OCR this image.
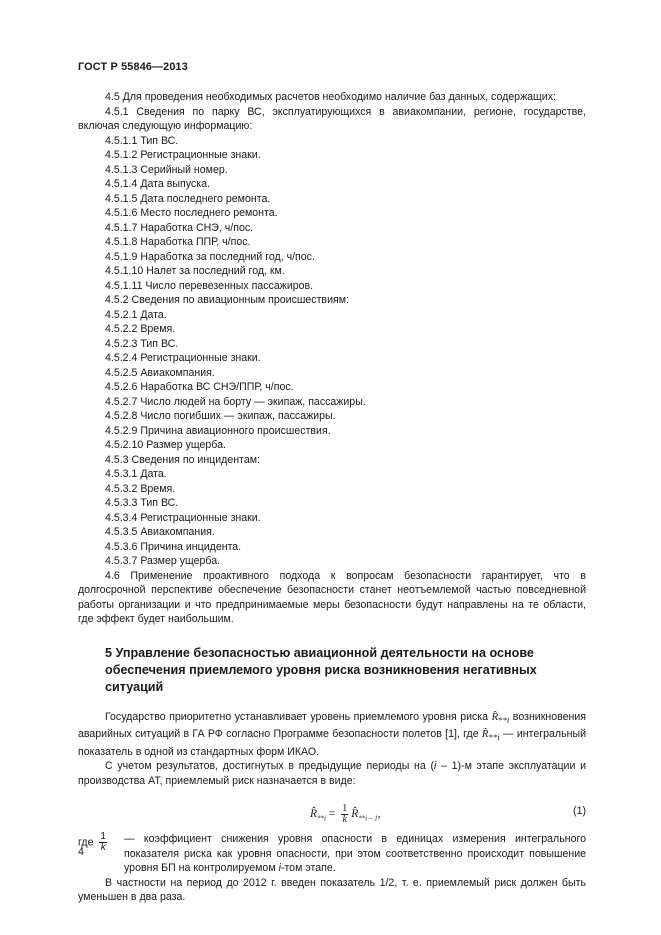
ГОСТ Р 55846—2013

4.5 Для проведения необходимых расчетов необходимо наличие баз данных, содержащих:

4.5.1 Сведения по парку ВС, эксплуатирующихся в авиакомпании, регионе, государстве, включая следующую информацию:

4.5.1.1 Тип ВС.

4.5.1.2 Регистрационные знаки.

4.5.1.3 Серийный номер.

4.5.1.4 Дата выпуска.

4.5.1.5 Дата последнего ремонта.

4.5.1.6 Место последнего ремонта.

4.5.1.7 Наработка СНЭ, ч/пос.

4.5.1.8 Наработка ППР, ч/пос.

4.5.1.9 Наработка за последний год, ч/пос.

4.5.1.10 Налет за последний год, км.

4.5.1.11 Число перевезенных пассажиров.

4.5.2 Сведения по авиационным происшествиям:

4.5.2.1 Дата.

4.5.2.2 Время.

4.5.2.3 Тип ВС.

4.5.2.4 Регистрационные знаки.

4.5.2.5 Авиакомпания.

4.5.2.6 Наработка ВС СНЭ/ППР, ч/пос.

4.5.2.7 Число людей на борту — экипаж, пассажиры.

4.5.2.8 Число погибших — экипаж, пассажиры.

4.5.2.9 Причина авиационного происшествия.

4.5.2.10 Размер ущерба.

4.5.3 Сведения по инцидентам:

4.5.3.1 Дата.

4.5.3.2 Время.

4.5.3.3 Тип ВС.

4.5.3.4 Регистрационные знаки.

4.5.3.5 Авиакомпания.

4.5.3.6 Причина инцидента.

4.5.3.7 Размер ущерба.

4.6 Применение проактивного подхода к вопросам безопасности гарантирует, что в долгосрочной перспективе обеспечение безопасности станет неотъемлемой частью повседневной работы организации и что предпринимаемые меры безопасности будут направлены на те области, где эффект будет наибольшим.

5 Управление безопасностью авиационной деятельности на основе обеспечения приемлемого уровня риска возникновения негативных ситуаций

Государство приоритетно устанавливает уровень приемлемого уровня риска $R̂_{**i}$ возникновения аварийных ситуаций в ГА РФ согласно Программе безопасности полетов [1], где $R̂_{**i}$ — интегральный показатель в одной из стандартных форм ИКАО.

С учетом результатов, достигнутых в предыдущие периоды на (i – 1)-м этапе эксплуатации и производства АТ, приемлемый риск назначается в виде:

$R̂_{**i} = \frac{1}{k}$ $R̂_{**i - 1}$,	(1)

где $\frac{1}{k}$ — коэффициент снижения уровня опасности в единицах измерения интегрального показателя риска как уровня опасности, при этом соответственно происходит повышение уровня БП на контролируемом i-том этапе.

В частности на период до 2012 г. введен показатель 1/2, т. е. приемлемый риск должен быть уменьшен в два раза.

4
